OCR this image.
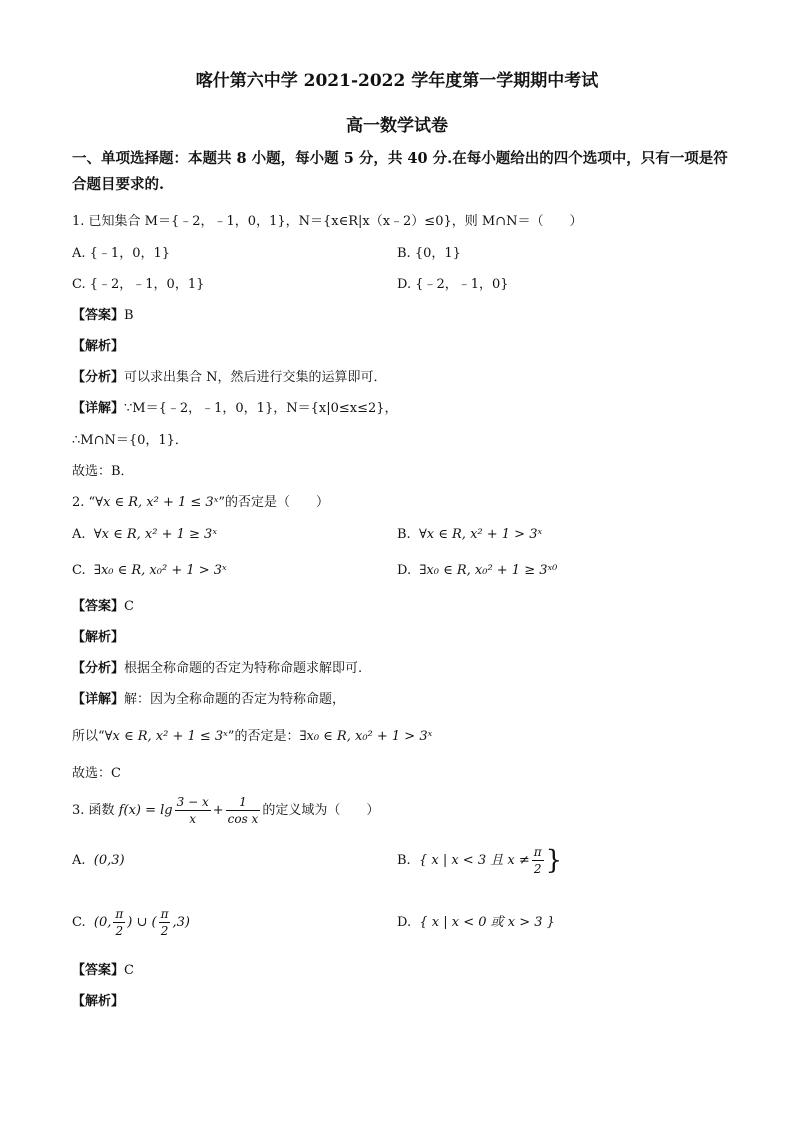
喀什第六中学 2021-2022 学年度第一学期期中考试
高一数学试卷
一、单项选择题：本题共 8 小题，每小题 5 分，共 40 分.在每小题给出的四个选项中，只有一项是符合题目要求的.
1. 已知集合 M＝{﹣2，﹣1，0，1}，N＝{x∈R|x（x﹣2）≤0}，则 M∩N＝（　　）
A. {﹣1，0，1}	B. {0，1}
C. {﹣2，﹣1，0，1}	D. {﹣2，﹣1，0}
【答案】B
【解析】
【分析】可以求出集合 N，然后进行交集的运算即可．
【详解】∵M＝{﹣2，﹣1，0，1}，N＝{x|0≤x≤2}，
∴M∩N＝{0，1}．
故选：B．
2. “∀x ∈ R, x² + 1 ≤ 3ˣ”的否定是（　　）
A. ∀x ∈ R, x² + 1 ≥ 3ˣ	B. ∀x ∈ R, x² + 1 > 3ˣ
C. ∃x₀ ∈ R, x₀² + 1 > 3ˣ	D. ∃x₀ ∈ R, x₀² + 1 ≥ 3ˣ⁰
【答案】C
【解析】
【分析】根据全称命题的否定为特称命题求解即可.
【详解】解：因为全称命题的否定为特称命题，
所以“∀x ∈ R, x² + 1 ≤ 3ˣ”的否定是：∃x₀ ∈ R, x₀² + 1 > 3ˣ
故选：C
3. 函数 $f(x) = \lg \frac{3 - x}{x} + \frac{1}{\text{cos x}}$ 的定义域为（　　）
A. (0,3)	B. { x | x < 3 且 $x \ne \frac{\pi}{2}$ }
C. (0, $\frac{\pi}{2}$ ) ∪ ( $\frac{\pi}{2} ,3$)	D. { x | x < 0 或 x > 3 }
【答案】C
【解析】
